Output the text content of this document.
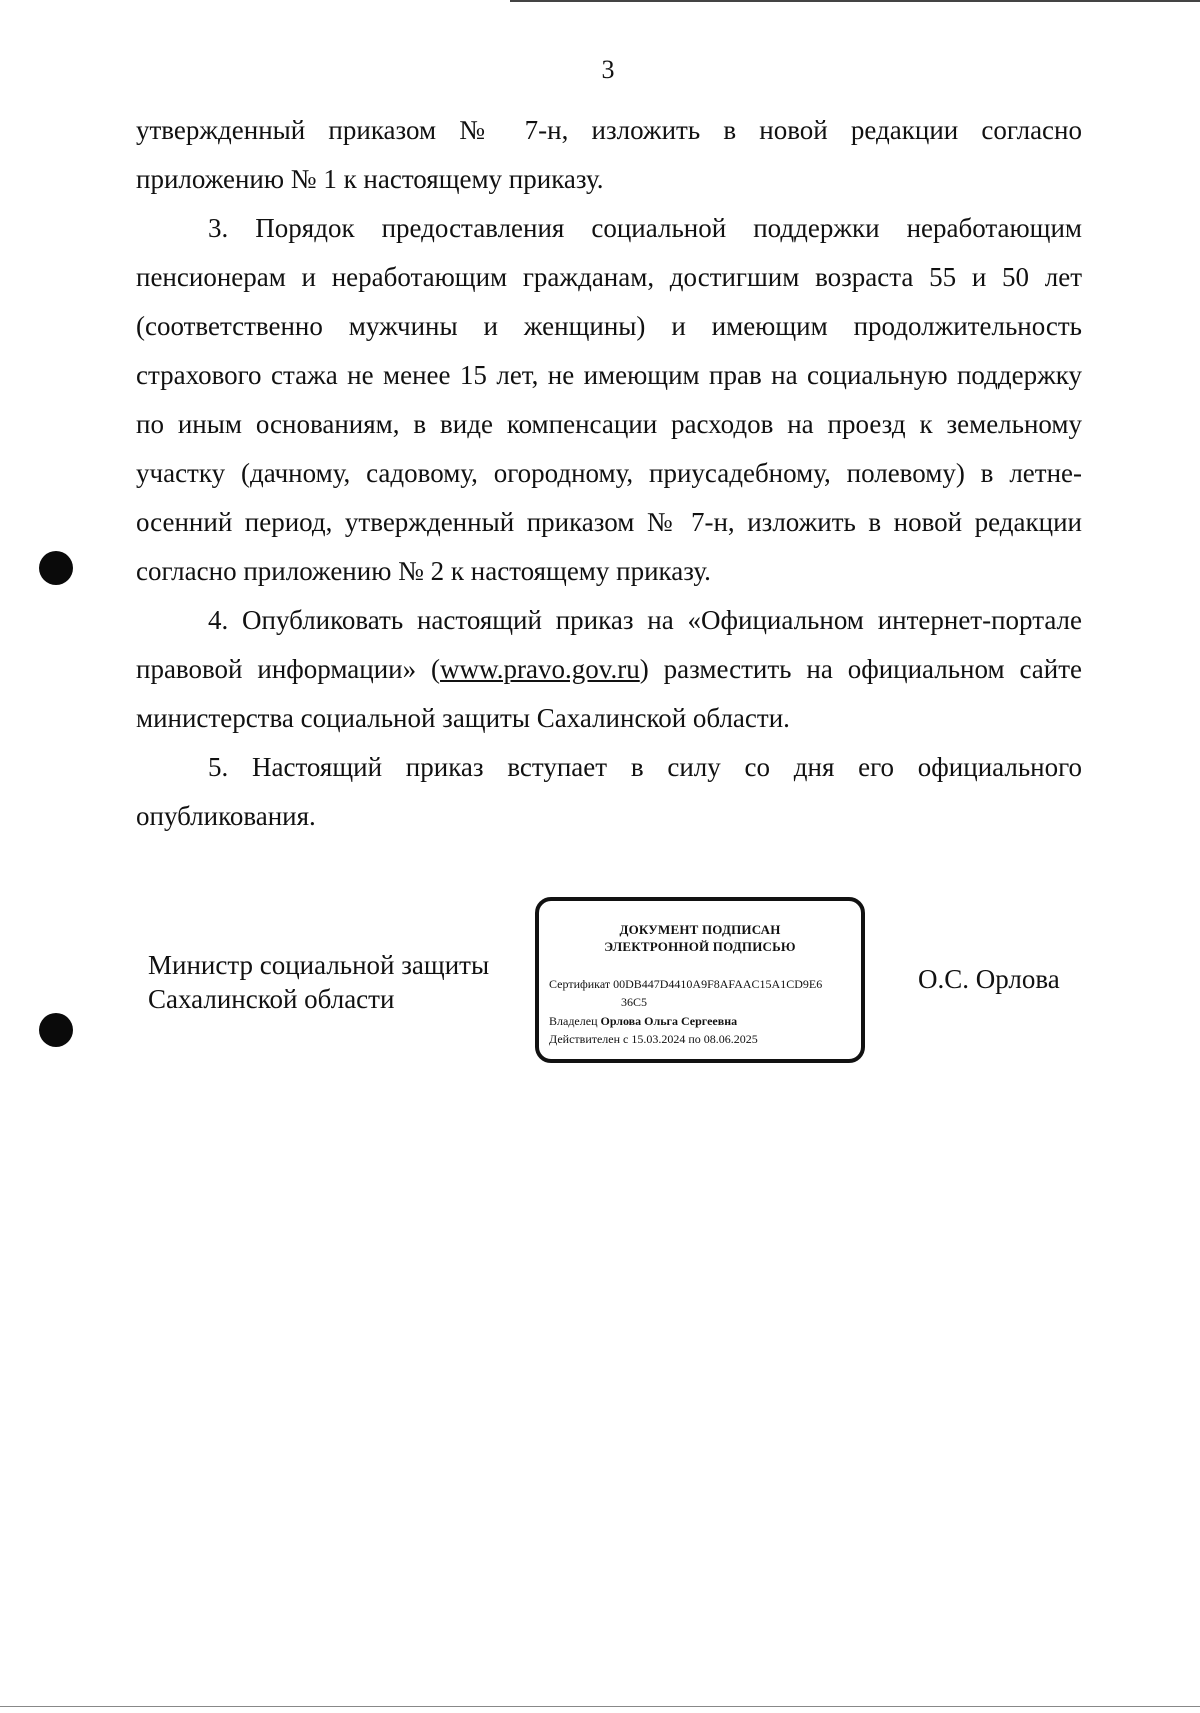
3

утвержденный приказом № 7-н, изложить в новой редакции согласно приложению № 1 к настоящему приказу.

3. Порядок предоставления социальной поддержки неработающим пенсионерам и неработающим гражданам, достигшим возраста 55 и 50 лет (соответственно мужчины и женщины) и имеющим продолжительность страхового стажа не менее 15 лет, не имеющим прав на социальную поддержку по иным основаниям, в виде компенсации расходов на проезд к земельному участку (дачному, садовому, огородному, приусадебному, полевому) в летне-осенний период, утвержденный приказом № 7-н, изложить в новой редакции согласно приложению № 2 к настоящему приказу.

4. Опубликовать настоящий приказ на «Официальном интернет-портале правовой информации» (www.pravo.gov.ru) разместить на официальном сайте министерства социальной защиты Сахалинской области.

5. Настоящий приказ вступает в силу со дня его официального опубликования.

Министр социальной защиты
Сахалинской области
ДОКУМЕНТ ПОДПИСАН
ЭЛЕКТРОННОЙ ПОДПИСЬЮ
Сертификат 00DB447D4410A9F8AFAAC15A1CD9E6
36C5
Владелец Орлова Ольга Сергеевна
Действителен с 15.03.2024 по 08.06.2025
О.С. Орлова
